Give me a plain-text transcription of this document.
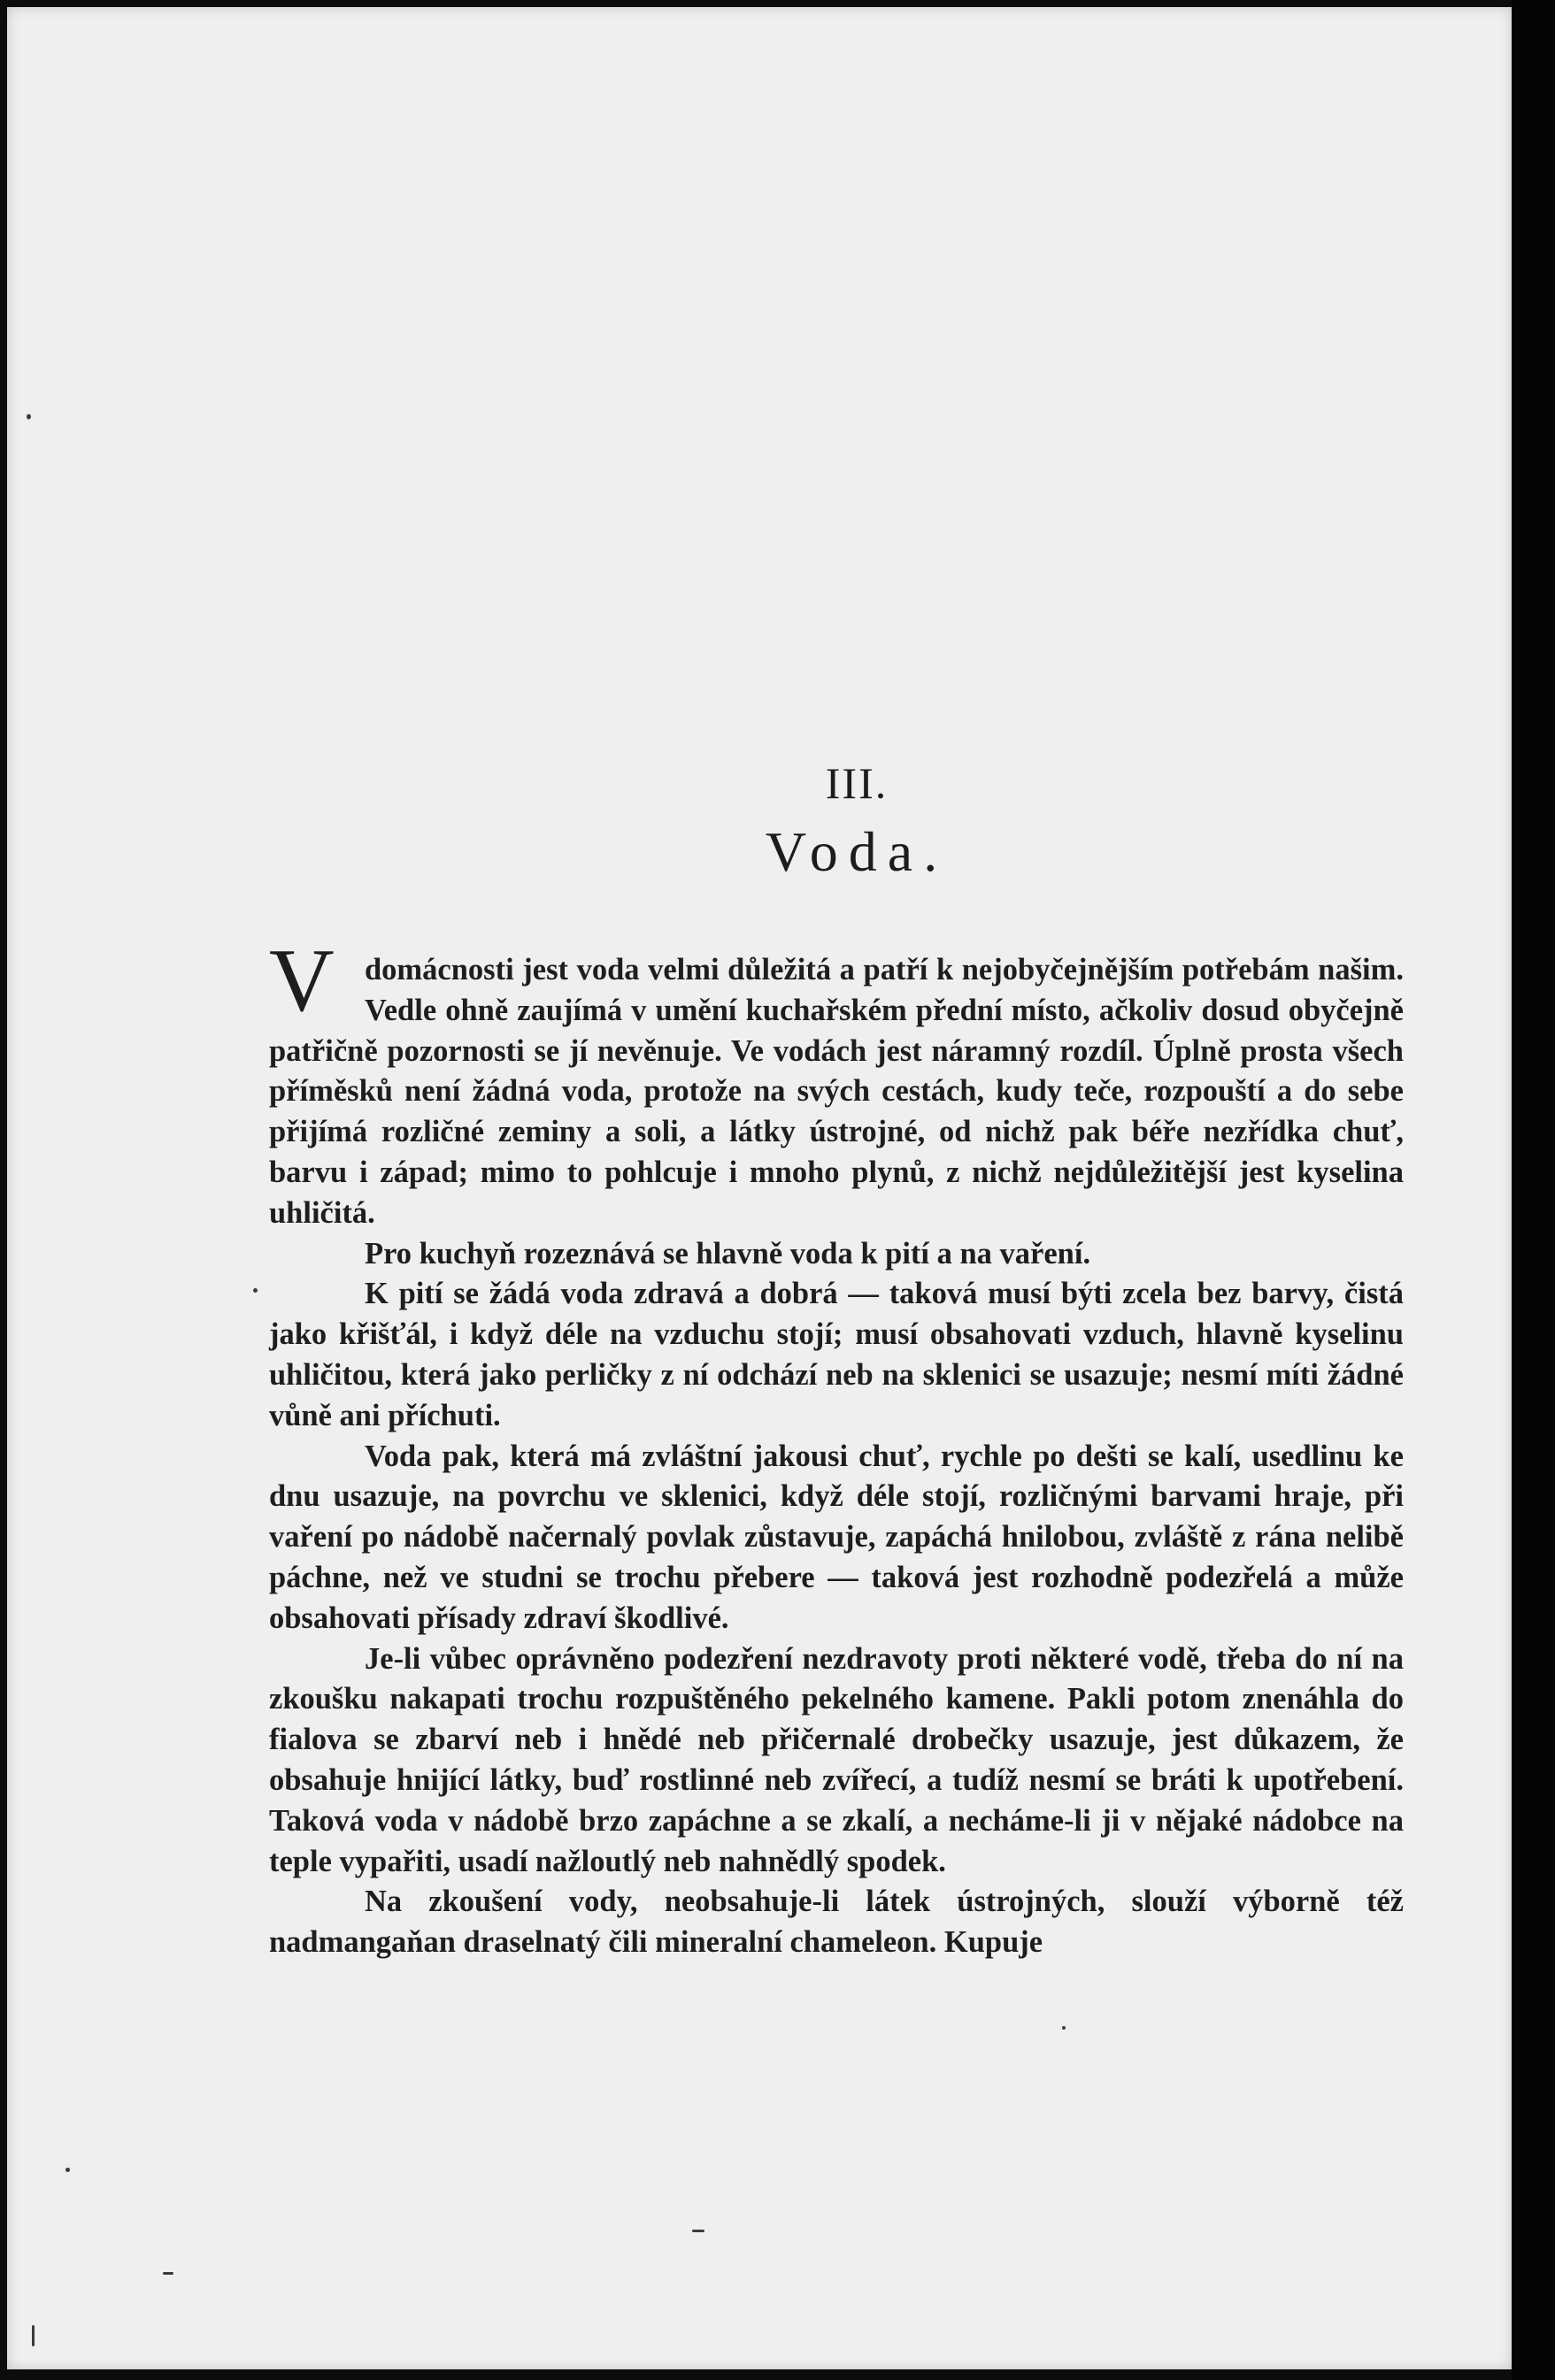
III.
Voda.

Vdomácnosti jest voda velmi důležitá a patří k nejobyčejnějším potřebám našim. Vedle ohně zaujímá v umění kuchařském přední místo, ačkoliv dosud obyčejně patřičně pozornosti se jí nevěnuje. Ve vodách jest náramný rozdíl. Úplně prosta všech příměsků není žádná voda, protože na svých cestách, kudy teče, rozpouští a do sebe přijímá rozličné zeminy a soli, a látky ústrojné, od nichž pak béře nezřídka chuť, barvu i západ; mimo to pohlcuje i mnoho plynů, z nichž nejdůležitější jest kyselina uhličitá.

Pro kuchyň rozeznává se hlavně voda k pití a na vaření.

K pití se žádá voda zdravá a dobrá — taková musí býti zcela bez barvy, čistá jako křišťál, i když déle na vzduchu stojí; musí obsahovati vzduch, hlavně kyselinu uhličitou, která jako perličky z ní odchází neb na sklenici se usazuje; nesmí míti žádné vůně ani příchuti.

Voda pak, která má zvláštní jakousi chuť, rychle po dešti se kalí, usedlinu ke dnu usazuje, na povrchu ve sklenici, když déle stojí, rozličnými barvami hraje, při vaření po nádobě načernalý povlak zůstavuje, zapáchá hnilobou, zvláště z rána nelibě páchne, než ve studni se trochu přebere — taková jest rozhodně podezřelá a může obsahovati přísady zdraví škodlivé.

Je-li vůbec oprávněno podezření nezdravoty proti některé vodě, třeba do ní na zkoušku nakapati trochu rozpuštěného pekelného kamene. Pakli potom znenáhla do fialova se zbarví neb i hnědé neb přičernalé drobečky usazuje, jest důkazem, že obsahuje hnijící látky, buď rostlinné neb zvířecí, a tudíž nesmí se bráti k upotřebení. Taková voda v nádobě brzo zapáchne a se zkalí, a necháme-li ji v nějaké nádobce na teple vypařiti, usadí nažloutlý neb nahnědlý spodek.

Na zkoušení vody, neobsahuje-li látek ústrojných, slouží výborně též nadmangaňan draselnatý čili mineralní chameleon. Kupuje
